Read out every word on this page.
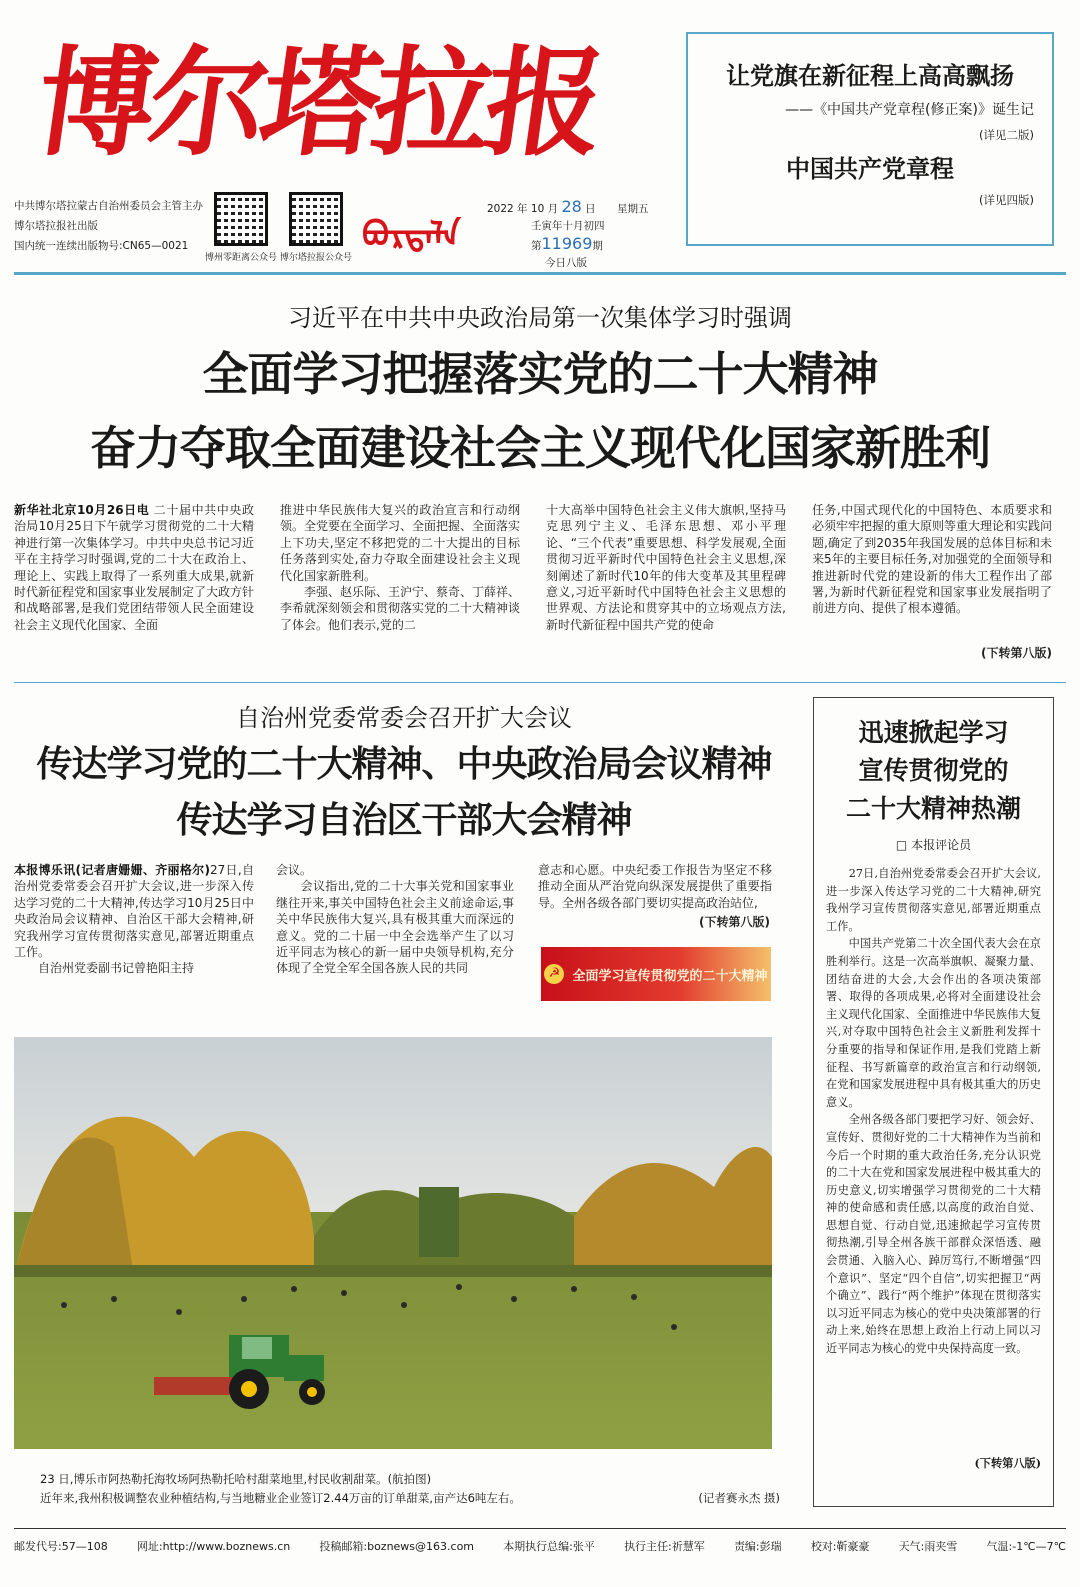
博尔塔拉报
中共博尔塔拉蒙古自治州委员会主管主办
博尔塔拉报社出版
国内统一连续出版物号:CN65—0021
博州零距离公众号 博尔塔拉报公众号
ᠪᠣᠷᠲᠠᠯᠠ
2022 年 10 月 28 日 星期五
壬寅年十月初四
第11969期
今日八版
让党旗在新征程上高高飘扬
——《中国共产党章程(修正案)》诞生记
(详见二版)
中国共产党章程
(详见四版)
习近平在中共中央政治局第一次集体学习时强调
全面学习把握落实党的二十大精神
奋力夺取全面建设社会主义现代化国家新胜利
新华社北京10月26日电 二十届中共中央政治局10月25日下午就学习贯彻党的二十大精神进行第一次集体学习。中共中央总书记习近平在主持学习时强调,党的二十大在政治上、理论上、实践上取得了一系列重大成果,就新时代新征程党和国家事业发展制定了大政方针和战略部署,是我们党团结带领人民全面建设社会主义现代化国家、全面
推进中华民族伟大复兴的政治宣言和行动纲领。全党要在全面学习、全面把握、全面落实上下功夫,坚定不移把党的二十大提出的目标任务落到实处,奋力夺取全面建设社会主义现代化国家新胜利。
　　李强、赵乐际、王沪宁、蔡奇、丁薛祥、李希就深刻领会和贯彻落实党的二十大精神谈了体会。他们表示,党的二
十大高举中国特色社会主义伟大旗帜,坚持马克思列宁主义、毛泽东思想、邓小平理论、“三个代表”重要思想、科学发展观,全面贯彻习近平新时代中国特色社会主义思想,深刻阐述了新时代10年的伟大变革及其里程碑意义,习近平新时代中国特色社会主义思想的世界观、方法论和贯穿其中的立场观点方法,新时代新征程中国共产党的使命
任务,中国式现代化的中国特色、本质要求和必须牢牢把握的重大原则等重大理论和实践问题,确定了到2035年我国发展的总体目标和未来5年的主要目标任务,对加强党的全面领导和推进新时代党的建设新的伟大工程作出了部署,为新时代新征程党和国家事业发展指明了前进方向、提供了根本遵循。
(下转第八版)
自治州党委常委会召开扩大会议
传达学习党的二十大精神、中央政治局会议精神
传达学习自治区干部大会精神
本报博乐讯(记者唐姗姗、齐丽格尔)27日,自治州党委常委会召开扩大会议,进一步深入传达学习党的二十大精神,传达学习10月25日中央政治局会议精神、自治区干部大会精神,研究我州学习宣传贯彻落实意见,部署近期重点工作。
　　自治州党委副书记曾艳阳主持
会议。
　　会议指出,党的二十大事关党和国家事业继往开来,事关中国特色社会主义前途命运,事关中华民族伟大复兴,具有极其重大而深远的意义。党的二十届一中全会选举产生了以习近平同志为核心的新一届中央领导机构,充分体现了全党全军全国各族人民的共同
意志和心愿。中央纪委工作报告为坚定不移推动全面从严治党向纵深发展提供了重要指导。全州各级各部门要切实提高政治站位,
(下转第八版)
☭ 全面学习宣传贯彻党的二十大精神
迅速掀起学习
宣传贯彻党的
二十大精神热潮
□ 本报评论员
　　27日,自治州党委常委会召开扩大会议,进一步深入传达学习党的二十大精神,研究我州学习宣传贯彻落实意见,部署近期重点工作。
　　中国共产党第二十次全国代表大会在京胜利举行。这是一次高举旗帜、凝聚力量、团结奋进的大会,大会作出的各项决策部署、取得的各项成果,必将对全面建设社会主义现代化国家、全面推进中华民族伟大复兴,对夺取中国特色社会主义新胜利发挥十分重要的指导和保证作用,是我们党踏上新征程、书写新篇章的政治宣言和行动纲领,在党和国家发展进程中具有极其重大的历史意义。
　　全州各级各部门要把学习好、领会好、宣传好、贯彻好党的二十大精神作为当前和今后一个时期的重大政治任务,充分认识党的二十大在党和国家发展进程中极其重大的历史意义,切实增强学习贯彻党的二十大精神的使命感和责任感,以高度的政治自觉、思想自觉、行动自觉,迅速掀起学习宣传贯彻热潮,引导全州各族干部群众深悟透、融会贯通、入脑入心、踔厉笃行,不断增强“四个意识”、坚定“四个自信”,切实把握卫“两个确立”、践行“两个维护”体现在贯彻落实以习近平同志为核心的党中央决策部署的行动上来,始终在思想上政治上行动上同以习近平同志为核心的党中央保持高度一致。
(下转第八版)
23 日,博乐市阿热勒托海牧场阿热勒托哈村甜菜地里,村民收割甜菜。(航拍图)
近年来,我州积极调整农业种植结构,与当地糖业企业签订2.44万亩的订单甜菜,亩产达6吨左右。	(记者赛永杰 摄)
邮发代号:57—108	网址:http://www.boznews.cn	投稿邮箱:boznews@163.com	本期执行总编:张平	执行主任:祈慧军	责编:彭瑞	校对:靳豪豪	天气:雨夹雪	气温:-1℃—7℃
